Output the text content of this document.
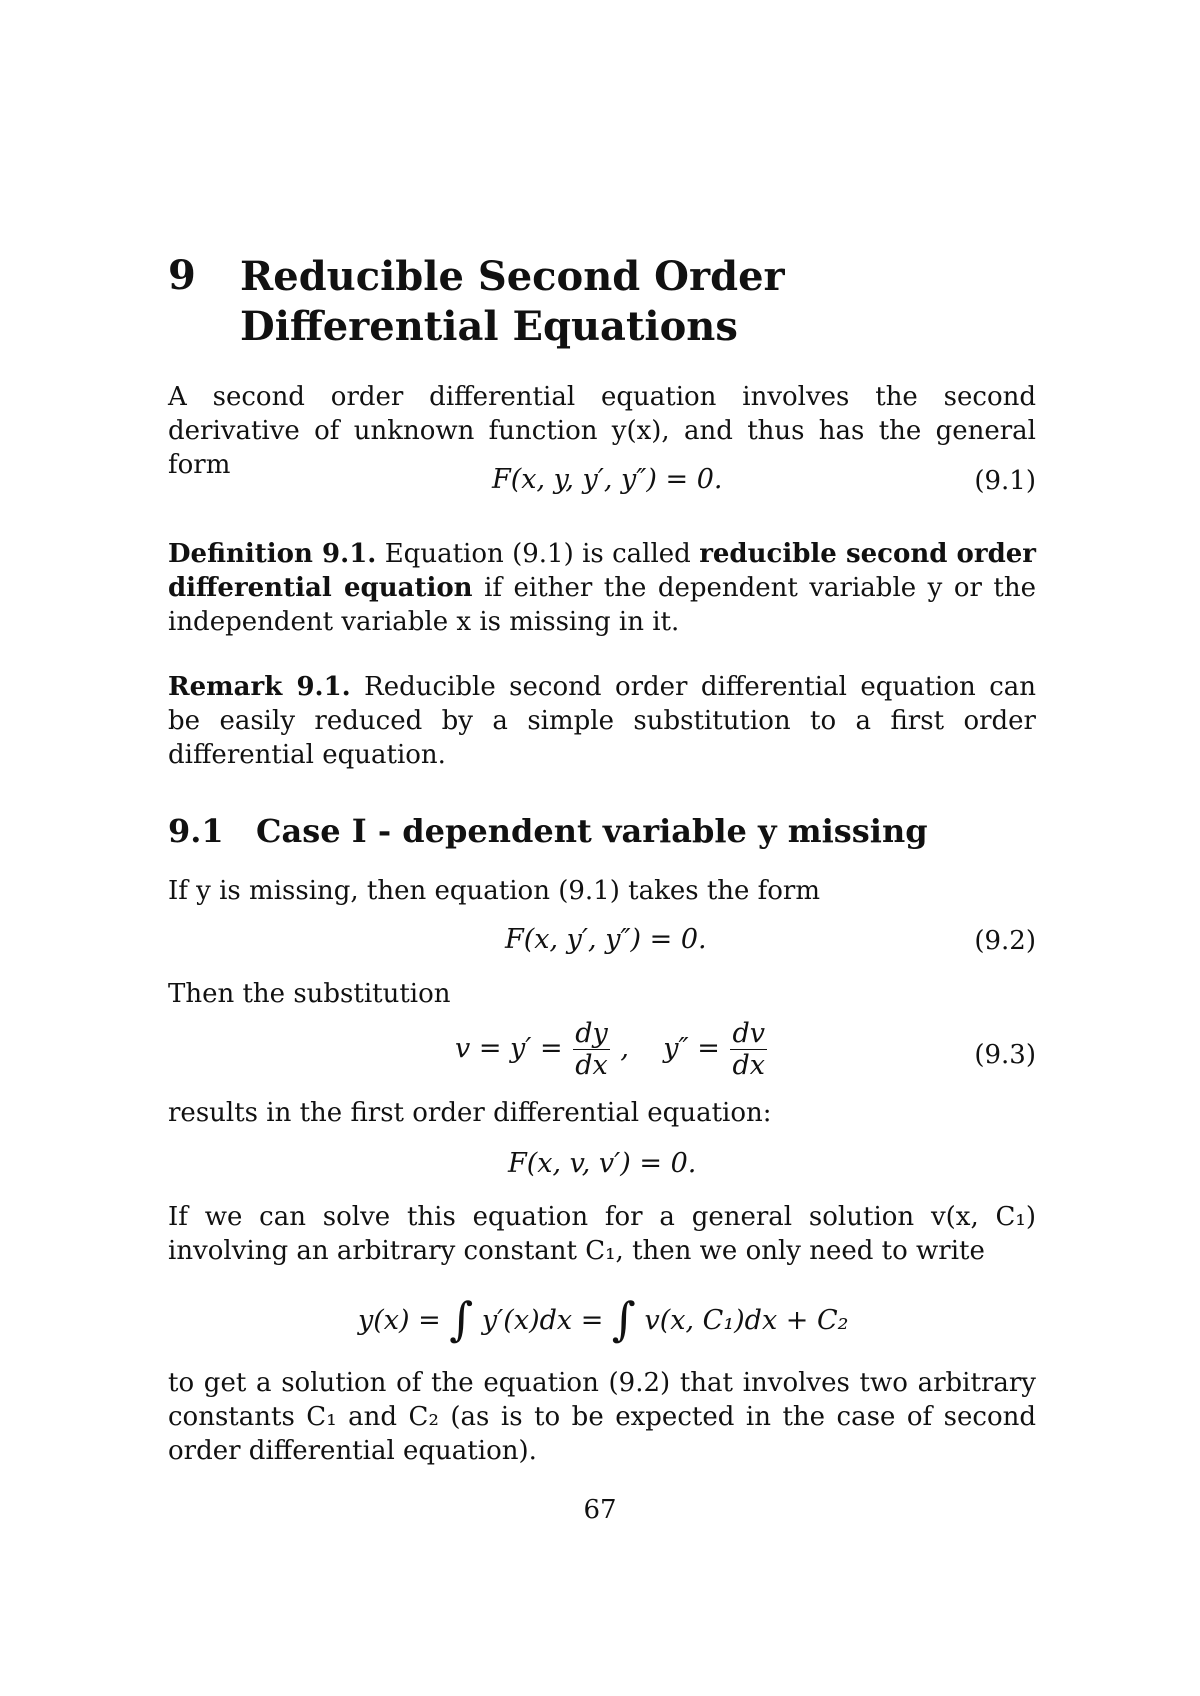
9 Reducible Second Order Differential Equations
A second order differential equation involves the second derivative of unknown function y(x), and thus has the general form	F(x, y, y′, y″) = 0.	(9.1)
Definition 9.1. Equation (9.1) is called reducible second order differential equation if either the dependent variable y or the independent variable x is missing in it.
Remark 9.1. Reducible second order differential equation can be easily reduced by a simple substitution to a first order differential equation.
9.1 Case I - dependent variable y missing
If y is missing, then equation (9.1) takes the form
F(x, y′, y″) = 0.	(9.2)
Then the substitution
$v = y' = \frac{dy}{dx}$ ,    $y'' = \frac{dv}{dx}$	(9.3)
results in the first order differential equation:
F(x, v, v′) = 0.
If we can solve this equation for a general solution v(x, C₁) involving an arbitrary constant C₁, then we only need to write
y(x) = ∫ y′(x)dx = ∫ v(x, C₁)dx + C₂
to get a solution of the equation (9.2) that involves two arbitrary constants C₁ and C₂ (as is to be expected in the case of second order differential equation).
67
